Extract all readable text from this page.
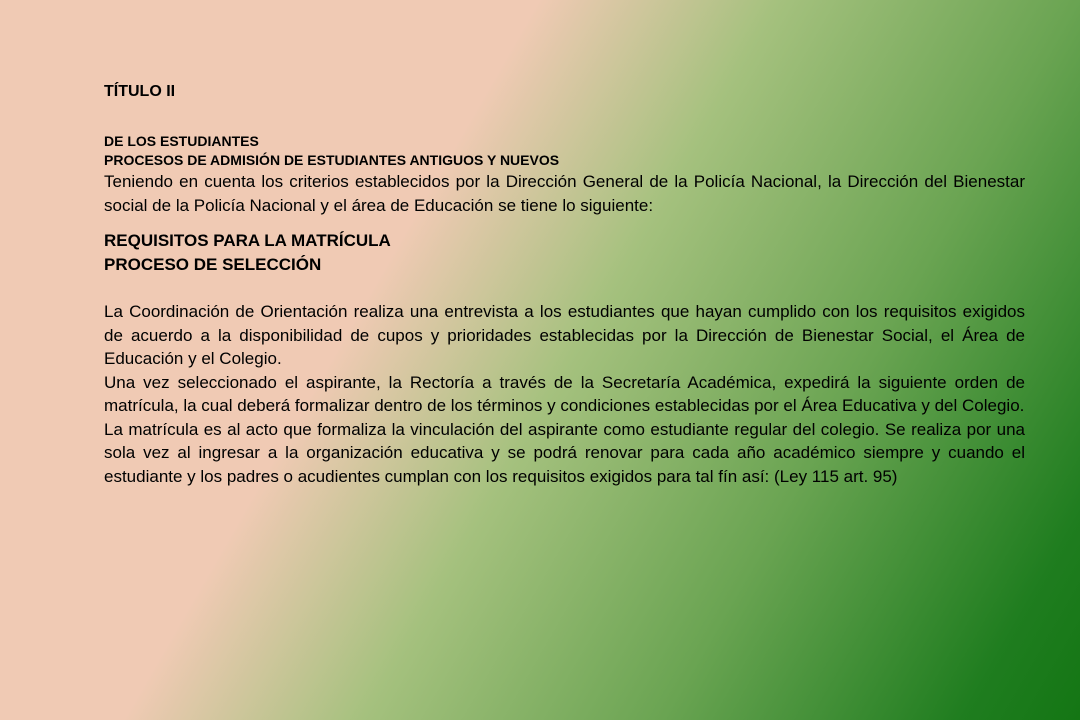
TÍTULO II
DE LOS ESTUDIANTES
PROCESOS DE ADMISIÓN DE ESTUDIANTES ANTIGUOS Y NUEVOS

Teniendo en cuenta los criterios establecidos por la Dirección General de la Policía Nacional, la Dirección del Bienestar social de la Policía Nacional y el área de Educación se tiene lo siguiente:

REQUISITOS PARA LA MATRÍCULA
PROCESO DE SELECCIÓN

La Coordinación de Orientación realiza una entrevista a los estudiantes que hayan cumplido con los requisitos exigidos de acuerdo a la disponibilidad de cupos y prioridades establecidas por la Dirección de Bienestar Social, el Área de Educación y el Colegio.

Una vez seleccionado el aspirante, la Rectoría a través de la Secretaría Académica, expedirá la siguiente orden de matrícula, la cual deberá formalizar dentro de los términos y condiciones establecidas por el Área Educativa y del Colegio.

La matrícula es al acto que formaliza la vinculación del aspirante como estudiante regular del colegio. Se realiza por una sola vez al ingresar a la organización educativa y se podrá renovar para cada año académico siempre y cuando el estudiante y los padres o acudientes cumplan con los requisitos exigidos para tal fín así: (Ley 115 art. 95)
